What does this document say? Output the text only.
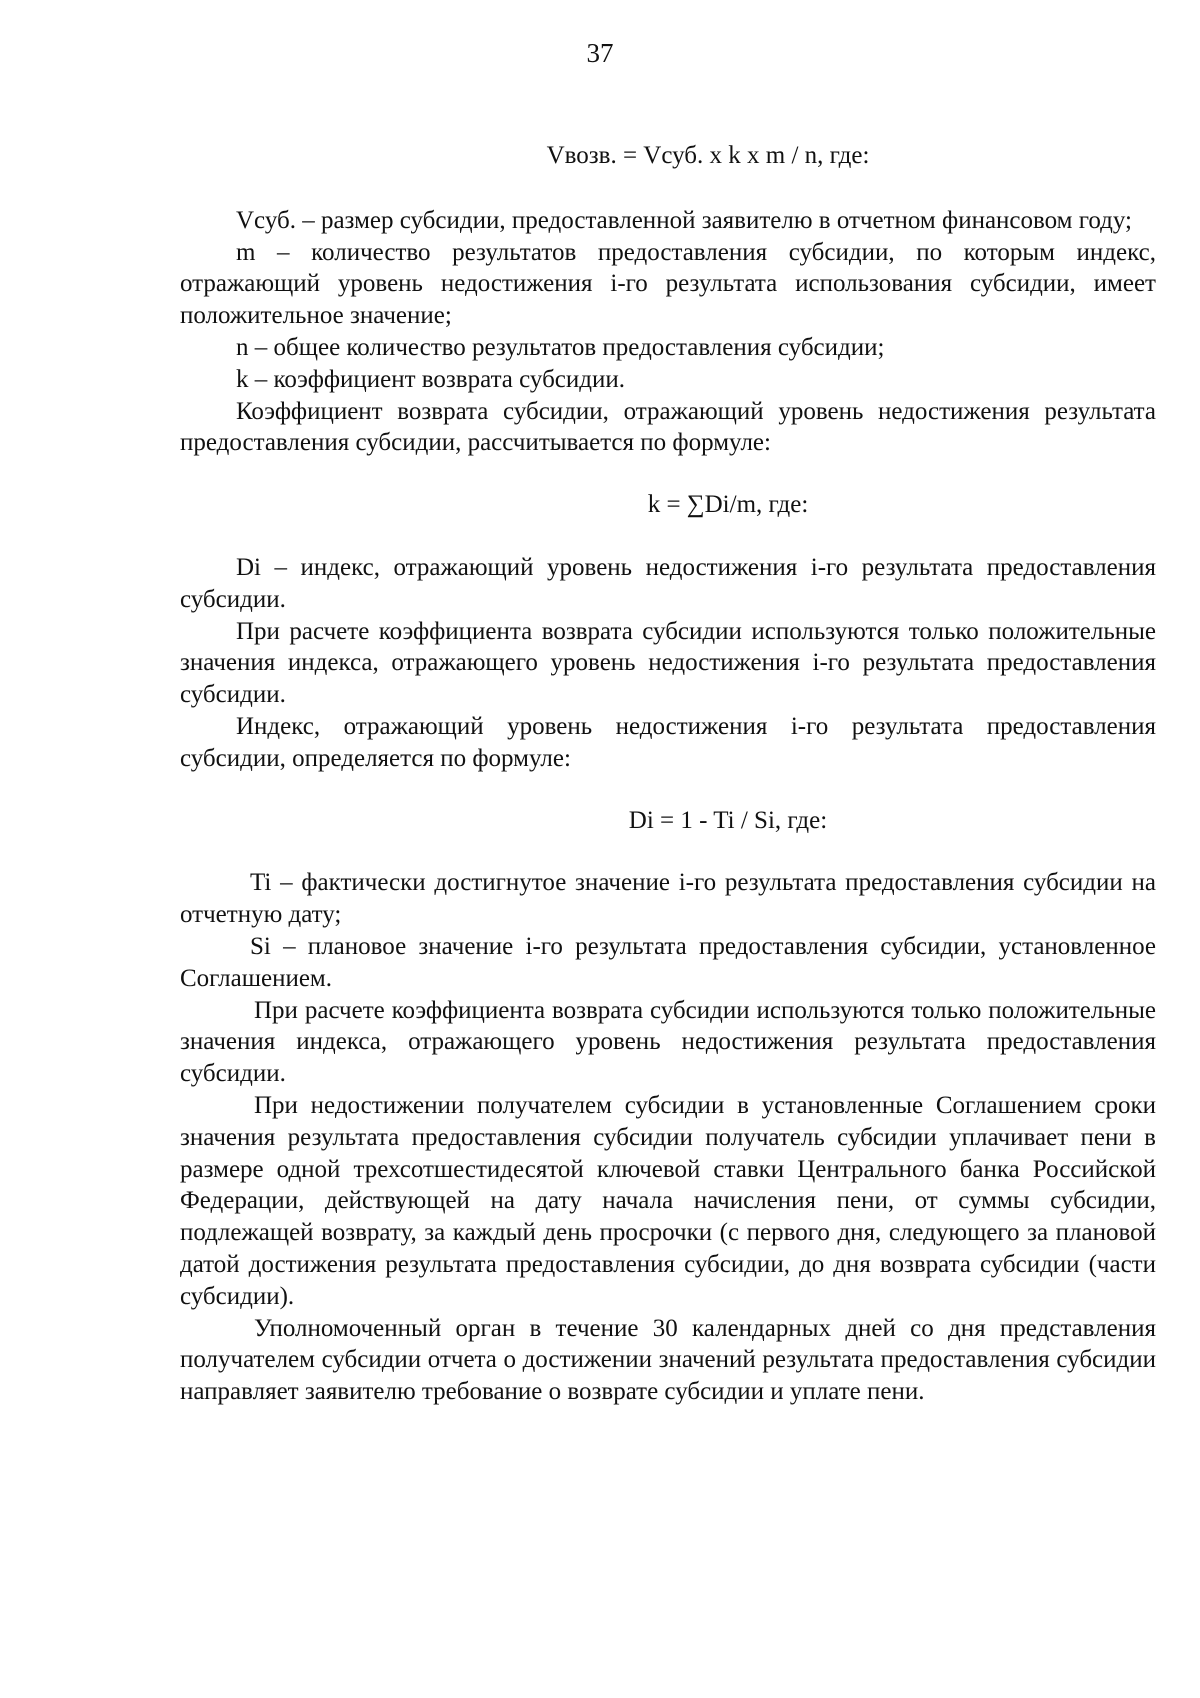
37

Vвозв. = Vсуб. x k x m / n, где:

Vсуб. – размер субсидии, предоставленной заявителю в отчетном финансовом году;

m – количество результатов предоставления субсидии, по которым индекс, отражающий уровень недостижения i-го результата использования субсидии, имеет положительное значение;

n – общее количество результатов предоставления субсидии;

k – коэффициент возврата субсидии.

Коэффициент возврата субсидии, отражающий уровень недостижения результата предоставления субсидии, рассчитывается по формуле:

k = ∑Di/m, где:

Di – индекс, отражающий уровень недостижения i-го результата предоставления субсидии.

При расчете коэффициента возврата субсидии используются только положительные значения индекса, отражающего уровень недостижения i-го результата предоставления субсидии.

Индекс, отражающий уровень недостижения i-го результата предоставления субсидии, определяется по формуле:

Di = 1 - Ti / Si, где:

Ti – фактически достигнутое значение i-го результата предоставления субсидии на отчетную дату;

Si – плановое значение i-го результата предоставления субсидии, установленное Соглашением.

При расчете коэффициента возврата субсидии используются только положительные значения индекса, отражающего уровень недостижения результата предоставления субсидии.

При недостижении получателем субсидии в установленные Соглашением сроки значения результата предоставления субсидии получатель субсидии уплачивает пени в размере одной трехсотшестидесятой ключевой ставки Центрального банка Российской Федерации, действующей на дату начала начисления пени, от суммы субсидии, подлежащей возврату, за каждый день просрочки (с первого дня, следующего за плановой датой достижения результата предоставления субсидии, до дня возврата субсидии (части субсидии).

Уполномоченный орган в течение 30 календарных дней со дня представления получателем субсидии отчета о достижении значений результата предоставления субсидии направляет заявителю требование о возврате субсидии и уплате пени.
